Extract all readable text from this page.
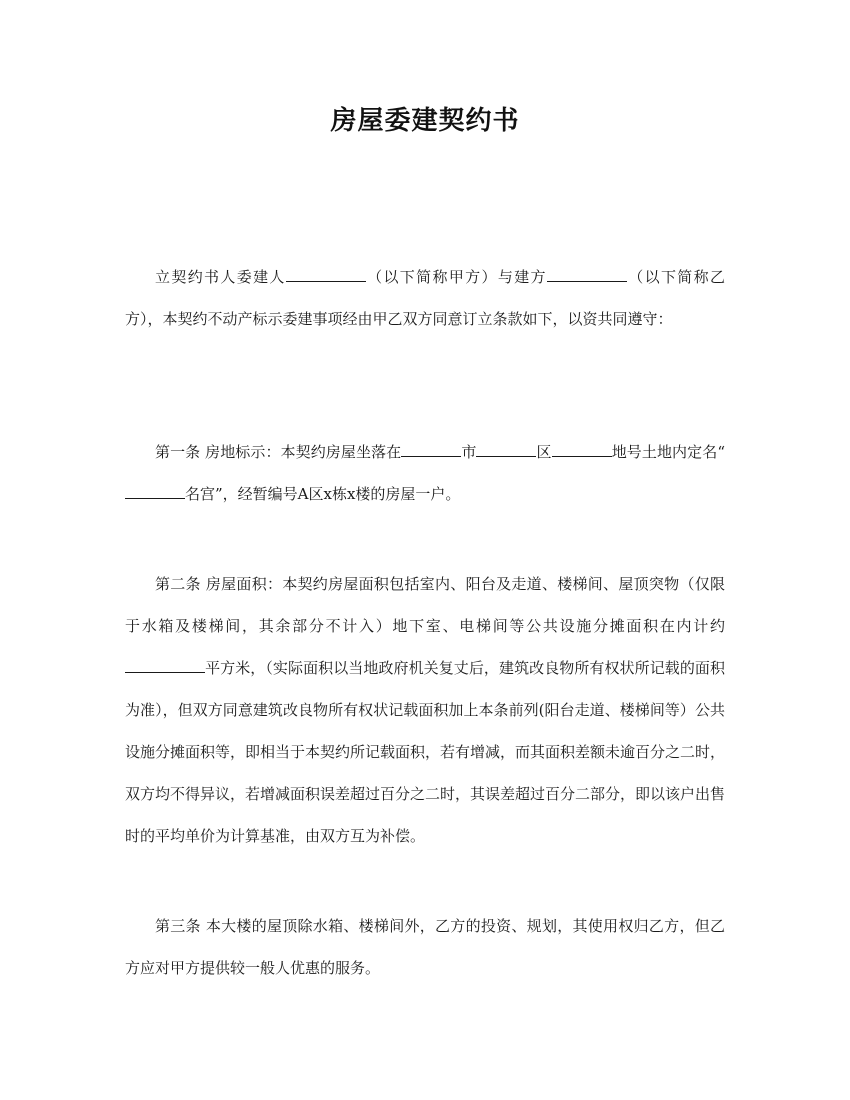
房屋委建契约书

立契约书人委建人	（以下简称甲方）与建方	（以下简称乙方），本契约不动产标示委建事项经由甲乙双方同意订立条款如下，以资共同遵守：

第一条 房地标示：本契约房屋坐落在	市	区	地号土地内定名“名宫”，经暂编号A区x栋x楼的房屋一户。

第二条 房屋面积：本契约房屋面积包括室内、阳台及走道、楼梯间、屋顶突物（仅限于水箱及楼梯间，其余部分不计入）地下室、电梯间等公共设施分摊面积在内计约平方米，（实际面积以当地政府机关复丈后，建筑改良物所有权状所记载的面积为准），但双方同意建筑改良物所有权状记载面积加上本条前列(阳台走道、楼梯间等）公共设施分摊面积等，即相当于本契约所记载面积，若有增减，而其面积差额未逾百分之二时，双方均不得异议，若增减面积误差超过百分之二时，其误差超过百分二部分，即以该户出售时的平均单价为计算基准，由双方互为补偿。

第三条 本大楼的屋顶除水箱、楼梯间外，乙方的投资、规划，其使用权归乙方，但乙方应对甲方提供较一般人优惠的服务。
